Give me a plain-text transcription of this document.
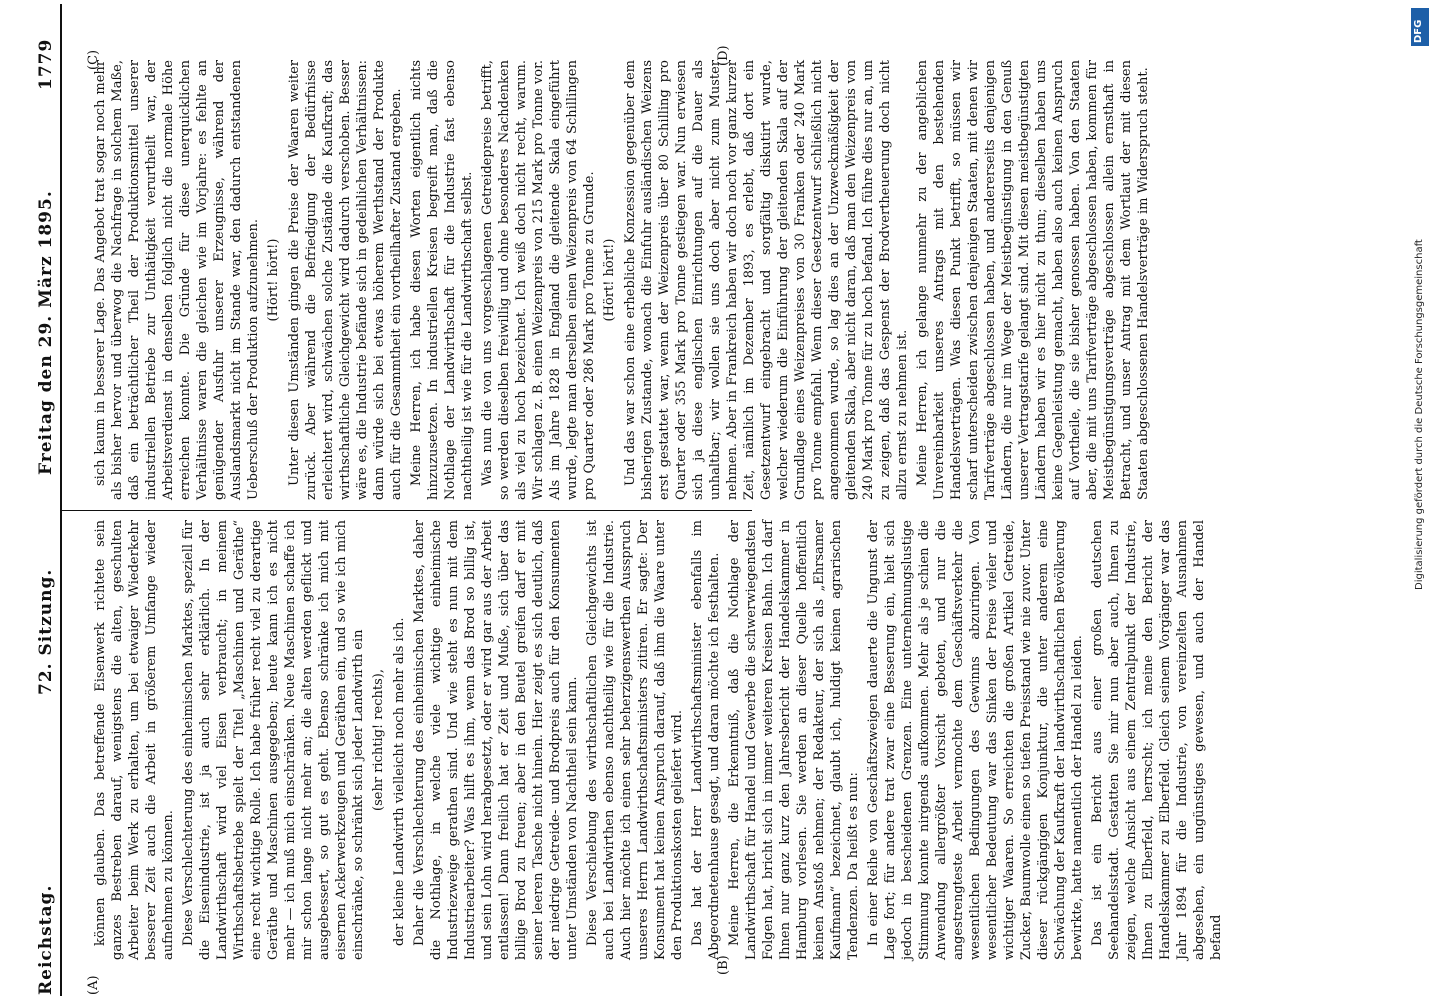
Reichstag.
72. Sitzung.
Freitag den 29. März 1895.
1779
(A)
(B)
(C)	(D)

können glauben. Das betreffende Eisenwerk richtete sein ganzes Bestreben darauf, wenigstens die alten, geschulten Arbeiter beim Werk zu erhalten, um bei etwaiger Wiederkehr besserer Zeit auch die Arbeit in größerem Umfange wieder aufnehmen zu können. Diese Verschlechterung des einheimischen Marktes, speziell für die Eisenindustrie, ist ja auch sehr erklärlich. In der Landwirthschaft wird viel Eisen verbraucht; in meinem Wirthschaftsbetriebe spielt der Titel „Maschinen und Geräthe“ eine recht wichtige Rolle. Ich habe früher recht viel zu derartige Geräthe und Maschinen ausgegeben; heute kann ich es nicht mehr — ich muß mich einschränken. Neue Maschinen schaffe ich mir schon lange nicht mehr an; die alten werden geflickt und ausgebessert, so gut es geht. Ebenso schränke ich mich mit eisernen Ackerwerkzeugen und Geräthen ein, und so wie ich mich einschränke, so schränkt sich jeder Landwirth ein (sehr richtig! rechts), der kleine Landwirth vielleicht noch mehr als ich. Daher die Verschlechterung des einheimischen Marktes, daher die Nothlage, in welche viele wichtige einheimische Industriezweige gerathen sind. Und wie steht es nun mit dem Industriearbeiter? Was hilft es ihm, wenn das Brod so billig ist, und sein Lohn wird herabgesetzt, oder er wird gar aus der Arbeit entlassen! Dann freilich hat er Zeit und Muße, sich über das billige Brod zu freuen; aber in den Beutel greifen darf er mit seiner leeren Tasche nicht hinein. Hier zeigt es sich deutlich, daß der niedrige Getreide- und Brodpreis auch für den Konsumenten unter Umständen von Nachtheil sein kann. Diese Verschiebung des wirthschaftlichen Gleichgewichts ist auch bei Landwirthen ebenso nachtheilig wie für die Industrie. Auch hier möchte ich einen sehr beherzigenswerthen Ausspruch unseres Herrn Landwirthschaftsministers zitiren. Er sagte: Der Konsument hat keinen Anspruch darauf, daß ihm die Waare unter den Produktionskosten geliefert wird. Das hat der Herr Landwirthschaftsminister ebenfalls im Abgeordnetenhause gesagt, und daran möchte ich festhalten. Meine Herren, die Erkenntniß, daß die Nothlage der Landwirthschaft für Handel und Gewerbe die schwerwiegendsten Folgen hat, bricht sich in immer weiteren Kreisen Bahn. Ich darf Ihnen nur ganz kurz den Jahresbericht der Handelskammer in Hamburg vorlesen. Sie werden an dieser Quelle hoffentlich keinen Anstoß nehmen; der Redakteur, der sich als „Ehrsamer Kaufmann“ bezeichnet, glaubt ich, huldigt keinen agrarischen Tendenzen. Da heißt es nun: In einer Reihe von Geschäftszweigen dauerte die Ungunst der Lage fort; für andere trat zwar eine Besserung ein, hielt sich jedoch in bescheidenen Grenzen. Eine unternehmungslustige Stimmung konnte nirgends aufkommen. Mehr als je schien die Anwendung allergrößter Vorsicht geboten, und nur die angestrengteste Arbeit vermochte dem Geschäftsverkehr die wesentlichen Bedingungen des Gewinns abzuringen. Von wesentlicher Bedeutung war das Sinken der Preise vieler und wichtiger Waaren. So erreichten die großen Artikel Getreide, Zucker, Baumwolle einen so tiefen Preisstand wie nie zuvor. Unter dieser rückgängigen Konjunktur, die unter anderem eine Schwächung der Kaufkraft der landwirthschaftlichen Bevölkerung bewirkte, hatte namentlich der Handel zu leiden. Das ist ein Bericht aus einer großen deutschen Seehandelsstadt. Gestatten Sie mir nun aber auch, Ihnen zu zeigen, welche Ansicht aus einem Zentralpunkt der Industrie, Ihnen zu Elberfeld, herrscht; ich meine den Bericht der Handelskammer zu Elberfeld. Gleich seinem Vorgänger war das Jahr 1894 für die Industrie, von vereinzelten Ausnahmen abgesehen, ein ungünstiges gewesen, und auch der Handel befand

sich kaum in besserer Lage. Das Angebot trat sogar noch mehr als bisher hervor und überwog die Nachfrage in solchem Maße, daß ein beträchtlicher Theil der Produktionsmittel unserer industriellen Betriebe zur Unthätigkeit verurtheilt war, der Arbeitsverdienst in denselben folglich nicht die normale Höhe erreichen konnte. Die Gründe für diese unerquicklichen Verhältnisse waren die gleichen wie im Vorjahre: es fehlte an genügender Ausfuhr unserer Erzeugnisse, während der Auslandsmarkt nicht im Stande war, den dadurch entstandenen Ueberschuß der Produktion aufzunehmen. (Hört! hört!) Unter diesen Umständen gingen die Preise der Waaren weiter zurück. Aber während die Befriedigung der Bedürfnisse erleichtert wird, schwächen solche Zustände die Kaufkraft; das wirthschaftliche Gleichgewicht wird dadurch verschoben. Besser wäre es, die Industrie befände sich in gedeihlichen Verhältnissen: dann würde sich bei etwas höherem Werthstand der Produkte auch für die Gesammtheit ein vortheilhafter Zustand ergeben. Meine Herren, ich habe diesen Worten eigentlich nichts hinzuzusetzen. In industriellen Kreisen begreift man, daß die Nothlage der Landwirthschaft für die Industrie fast ebenso nachtheilig ist wie für die Landwirthschaft selbst. Was nun die von uns vorgeschlagenen Getreidepreise betrifft, so werden dieselben freiwillig und ohne besonderes Nachdenken als viel zu hoch bezeichnet. Ich weiß doch nicht recht, warum. Wir schlagen z. B. einen Weizenpreis von 215 Mark pro Tonne vor. Als im Jahre 1828 in England die gleitende Skala eingeführt wurde, legte man derselben einen Weizenpreis von 64 Schillingen pro Quarter oder 286 Mark pro Tonne zu Grunde. (Hört! hört!) Und das war schon eine erhebliche Konzession gegenüber dem bisherigen Zustande, wonach die Einfuhr ausländischen Weizens erst gestattet war, wenn der Weizenpreis über 80 Schilling pro Quarter oder 355 Mark pro Tonne gestiegen war. Nun erwiesen sich ja diese englischen Einrichtungen auf die Dauer als unhaltbar; wir wollen sie uns doch aber nicht zum Muster nehmen. Aber in Frankreich haben wir doch noch vor ganz kurzer Zeit, nämlich im Dezember 1893, es erlebt, daß dort ein Gesetzentwurf eingebracht und sorgfältig diskutirt wurde, welcher wiederum die Einführung der gleitenden Skala auf der Grundlage eines Weizenpreises von 30 Franken oder 240 Mark pro Tonne empfahl. Wenn dieser Gesetzentwurf schließlich nicht angenommen wurde, so lag dies an der Unzweckmäßigkeit der gleitenden Skala, aber nicht daran, daß man den Weizenpreis von 240 Mark pro Tonne für zu hoch befand. Ich führe dies nur an, um zu zeigen, daß das Gespenst der Brodvertheuerung doch nicht allzu ernst zu nehmen ist. Meine Herren, ich gelange nunmehr zu der angeblichen Unvereinbarkeit unseres Antrags mit den bestehenden Handelsverträgen. Was diesen Punkt betrifft, so müssen wir scharf unterscheiden zwischen denjenigen Staaten, mit denen wir Tarifverträge abgeschlossen haben, und andererseits denjenigen Ländern, die nur im Wege der Meistbegünstigung in den Genuß unserer Vertragstarife gelangt sind. Mit diesen meistbegünstigten Ländern haben wir es hier nicht zu thun; dieselben haben uns keine Gegenleistung gemacht, haben also auch keinen Anspruch auf Vortheile, die sie bisher genossen haben. Von den Staaten aber, die mit uns Tarifverträge abgeschlossen haben, kommen für Meistbegünstigungsverträge abgeschlossen allein ernsthaft in Betracht, und unser Antrag mit dem Wortlaut der mit diesen Staaten abgeschlossenen Handelsverträge im Widerspruch steht.	Digitalisierung gefördert durch die Deutsche Forschungsgemeinschaft
DFG
